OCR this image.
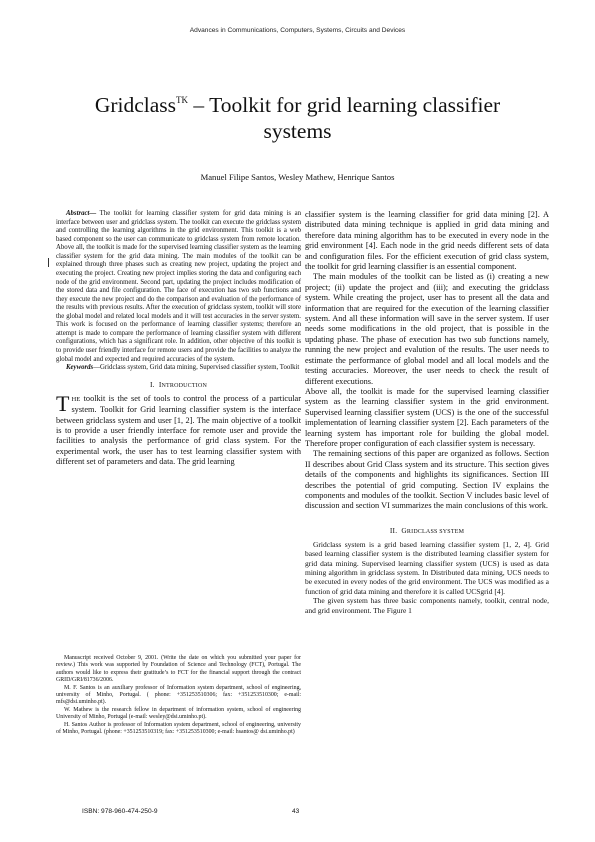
Advances in Communications, Computers, Systems, Circuits and Devices
Gridclass$^{TK}$ – Toolkit for grid learning classifier systems
Manuel Filipe Santos, Wesley Mathew, Henrique Santos

Abstract— The toolkit for learning classifier system for grid data mining is an interface between user and gridclass system. The toolkit can execute the gridclass system and controlling the learning algorithms in the grid environment. This toolkit is a web based component so the user can communicate to gridclass system from remote location. Above all, the toolkit is made for the supervised learning classifier system as the learning classifier system for the grid data mining. The main modules of the toolkit can be explained through three phases such as creating new project, updating the project and executing the project. Creating new project implies storing the data and configuring each node of the grid environment. Second part, updating the project includes modification of the stored data and file configuration. The face of execution has two sub functions and they execute the new project and do the comparison and evaluation of the performance of the results with previous results. After the execution of gridclass system, toolkit will store the global model and related local models and it will test accuracies in the server system. This work is focused on the performance of learning classifier systems; therefore an attempt is made to compare the performance of learning classifier system with different configurations, which has a significant role. In addition, other objective of this toolkit is to provide user friendly interface for remote users and provide the facilities to analyze the global model and expected and required accuracies of the system.

Keywords—Gridclass system, Grid data mining, Supervised classifier system, Toolkit

I. INTRODUCTION

THE toolkit is the set of tools to control the process of a particular system. Toolkit for Grid learning classifier system is the interface between gridclass system and user [1, 2]. The main objective of a toolkit is to provide a user friendly interface for remote user and provide the facilities to analysis the performance of grid class system. For the experimental work, the user has to test learning classifier system with different set of parameters and data. The grid learning

Manuscript received October 9, 2001. (Write the date on which you submitted your paper for review.) This work was supported by Foundation of Science and Technology (FCT), Portugal. The authors would like to express their gratitude’s to FCT for the financial support through the contract GRID/GRI/81736/2006.

M. F. Santos is an auxiliary professor of Information system department, school of engineering, university of Minho, Portugal. ( phone: +351253510306; fax: +351253510300; e-mail: mfs@dsi.uminho.pt).

W. Mathew is the research fellow in department of information system, school of engineering University of Minho, Portugal (e-mail: wesley@dsi.uminho.pt).

H. Santos Author is professor of Information system department, school of engineering, university of Minho, Portugal. (phone: +351253510319; fax: +351253510300; e-mail: hsantos@ dsi.uminho.pt)

classifier system is the learning classifier for grid data mining [2]. A distributed data mining technique is applied in grid data mining and therefore data mining algorithm has to be executed in every node in the grid environment [4]. Each node in the grid needs different sets of data and configuration files. For the efficient execution of grid class system, the toolkit for grid learning classifier is an essential component.

The main modules of the toolkit can be listed as (i) creating a new project; (ii) update the project and (iii); and executing the gridclass system. While creating the project, user has to present all the data and information that are required for the execution of the learning classifier system. And all these information will save in the server system. If user needs some modifications in the old project, that is possible in the updating phase. The phase of execution has two sub functions namely, running the new project and evalution of the results. The user needs to estimate the performance of global model and all local models and the testing accuracies. Moreover, the user needs to check the result of different executions.

Above all, the toolkit is made for the supervised learning classifier system as the learning classifier system in the grid environment. Supervised learning classifier system (UCS) is the one of the successful implementation of learning classifier system [2]. Each parameters of the learning system has important role for building the global model. Therefore proper configuration of each classifier system is necessary.

The remaining sections of this paper are organized as follows. Section II describes about Grid Class system and its structure. This section gives details of the components and highlights its significances. Section III describes the potential of grid computing. Section IV explains the components and modules of the toolkit. Section V includes basic level of discussion and section VI summarizes the main conclusions of this work.

II. GRIDCLASS SYSTEM

Gridclass system is a grid based learning classifier system [1, 2, 4]. Grid based learning classifier system is the distributed learning classifier system for grid data mining. Supervised learning classifier system (UCS) is used as data mining algorithm in gridclass system. In Distributed data mining, UCS needs to be executed in every nodes of the grid environment. The UCS was modified as a function of grid data mining and therefore it is called UCSgrid [4].

The given system has three basic components namely, toolkit, central node, and grid environment. The Figure 1

ISBN: 978-960-474-250-9	43
